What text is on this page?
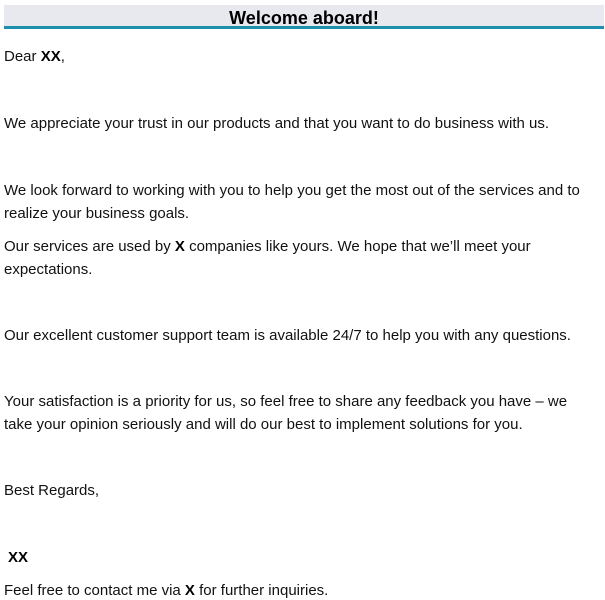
Welcome aboard!
Dear XX,
We appreciate your trust in our products and that you want to do business with us.
We look forward to working with you to help you get the most out of the services and to
realize your business goals.
Our services are used by X companies like yours. We hope that we’ll meet your
expectations.
Our excellent customer support team is available 24/7 to help you with any questions.
Your satisfaction is a priority for us, so feel free to share any feedback you have – we
take your opinion seriously and will do our best to implement solutions for you.
Best Regards,
XX
Feel free to contact me via X for further inquiries.
